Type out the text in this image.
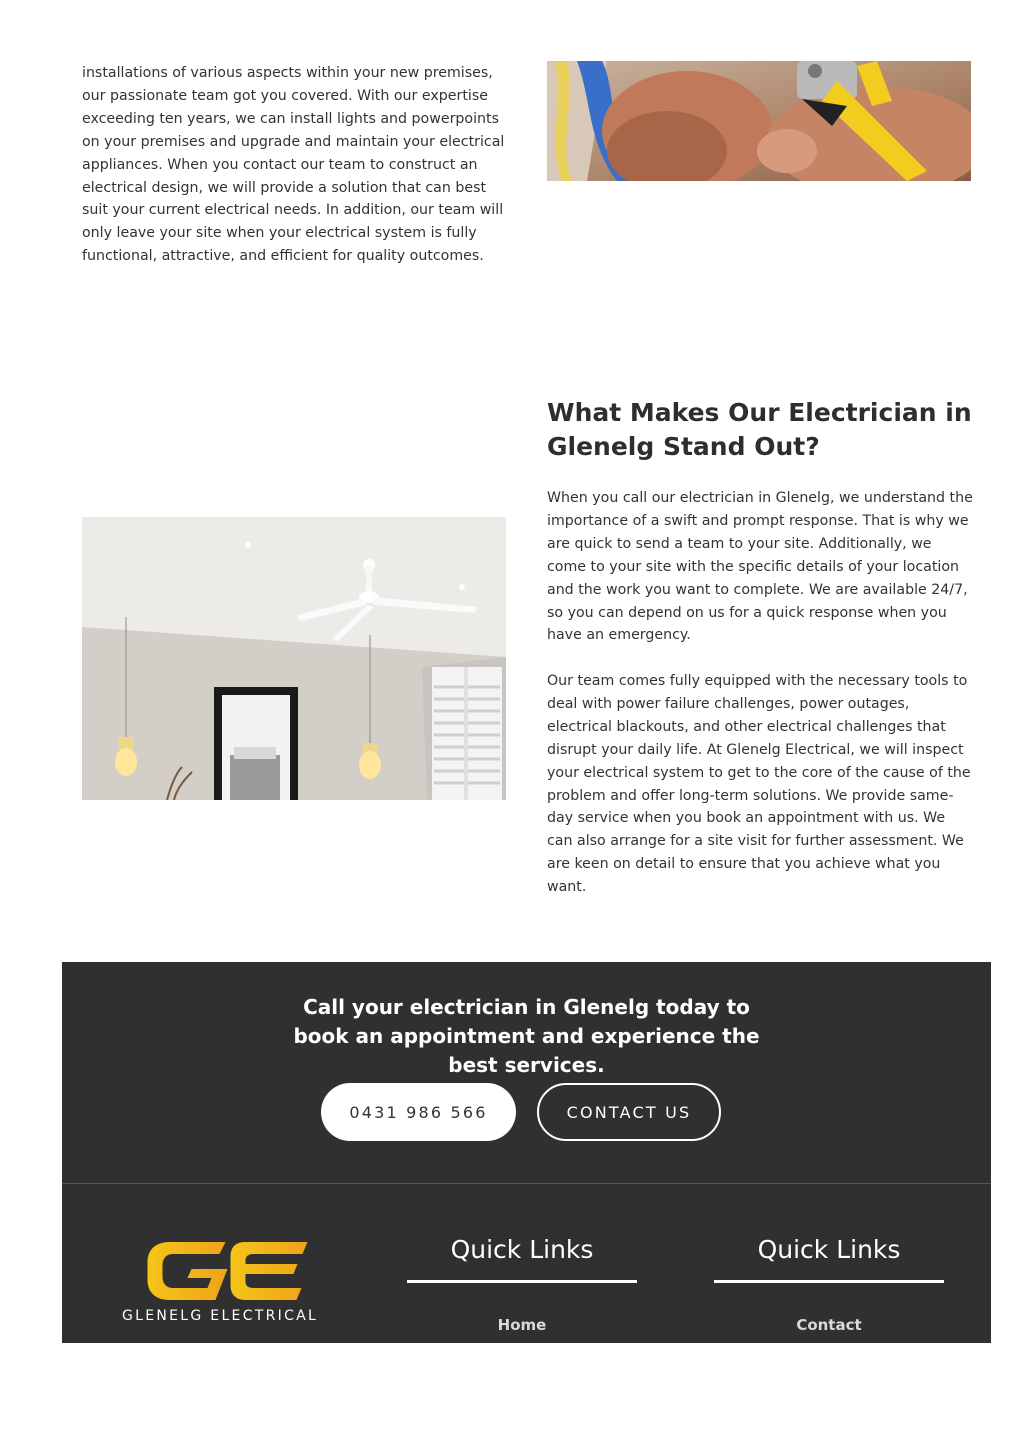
installations of various aspects within your new premises, our passionate team got you covered. With our expertise exceeding ten years, we can install lights and powerpoints on your premises and upgrade and maintain your electrical appliances. When you contact our team to construct an electrical design, we will provide a solution that can best suit your current electrical needs. In addition, our team will only leave your site when your electrical system is fully functional, attractive, and efficient for quality outcomes.

What Makes Our Electrician in Glenelg Stand Out?

When you call our electrician in Glenelg, we understand the importance of a swift and prompt response. That is why we are quick to send a team to your site. Additionally, we come to your site with the specific details of your location and the work you want to complete. We are available 24/7, so you can depend on us for a quick response when you have an emergency.

Our team comes fully equipped with the necessary tools to deal with power failure challenges, power outages, electrical blackouts, and other electrical challenges that disrupt your daily life. At Glenelg Electrical, we will inspect your electrical system to get to the core of the cause of the problem and offer long-term solutions. We provide same-day service when you book an appointment with us. We can also arrange for a site visit for further assessment. We are keen on detail to ensure that you achieve what you want.

Call your electrician in Glenelg today to book an appointment and experience the best services.

0431 986 566	CONTACT US
GLENELG ELECTRICAL
Quick Links
Home
Quick Links
Contact
